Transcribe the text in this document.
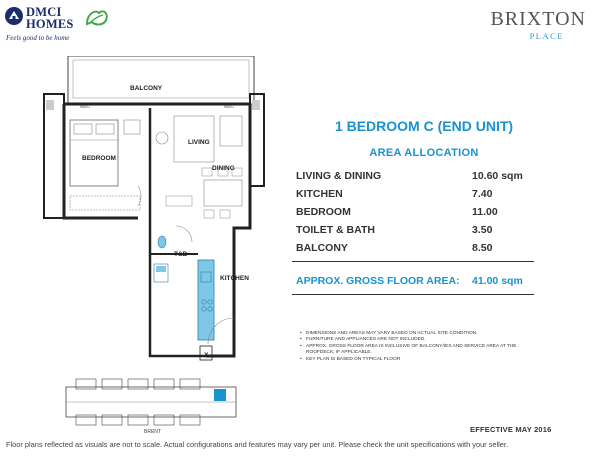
DMCI
HOMES
Feels good to be home
BRIXTON
PLACE
1 BEDROOM C (END UNIT)
AREA ALLOCATION
LIVING & DINING	10.60 sqm
KITCHEN	7.40
BEDROOM	11.00
TOILET & BATH	3.50
BALCONY	8.50
APPROX. GROSS FLOOR AREA: 41.00 sqm
• DIMENSIONS AND AREAS MAY VARY BASED ON ACTUAL SITE CONDITION.
• FURNITURE AND APPLIANCES ARE NOT INCLUDED.
• APPROX. GROSS FLOOR AREA IS INCLUSIVE OF BALCONY/IES AND SERVICE AREA AT THE ROOFDECK, IF APPLICABLE.
• KEY PLAN IS BASED ON TYPICAL FLOOR
BALCONY
BEDROOM
LIVING
DINING
T&B
KITCHEN
X
WACU	WACU
BRENT	EFFECTIVE MAY 2016
Floor plans reflected as visuals are not to scale. Actual configurations and features may vary per unit. Please check the unit specifications with your seller.
